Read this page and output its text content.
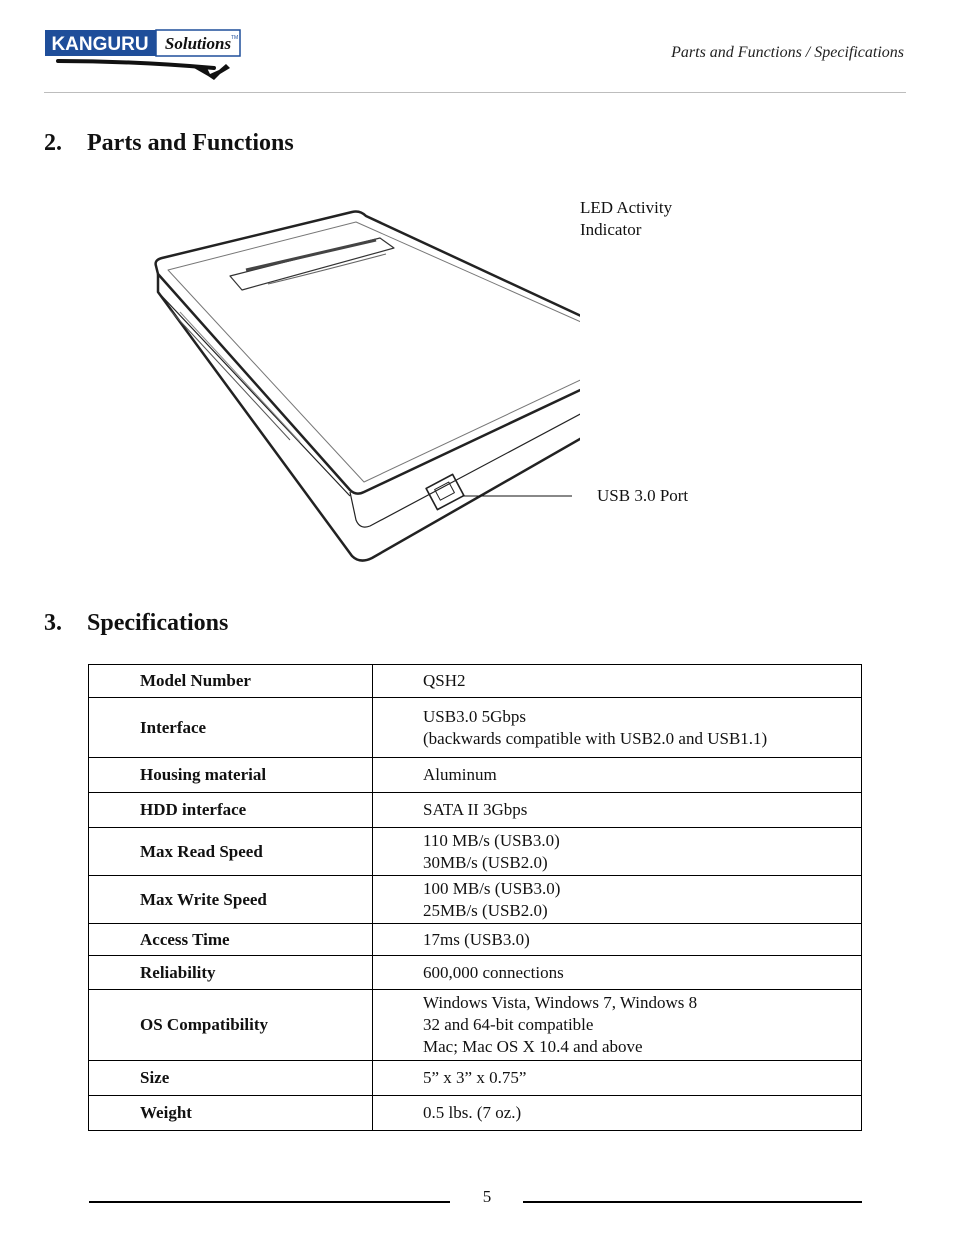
KANGURU Solutions TM
Parts and Functions / Specifications
2. Parts and Functions
LED Activity
Indicator
USB 3.0 Port
3. Specifications
Model Number	QSH2

Interface	USB3.0 5Gbps
(backwards compatible with USB2.0 and USB1.1)

Housing material	Aluminum

HDD interface	SATA II 3Gbps

Max Read Speed	110 MB/s (USB3.0)
30MB/s (USB2.0)

Max Write Speed	100 MB/s (USB3.0)
25MB/s (USB2.0)

Access Time	17ms (USB3.0)

Reliability	600,000 connections

OS Compatibility	Windows Vista, Windows 7, Windows 8
32 and 64-bit compatible
Mac; Mac OS X 10.4 and above

Size	5” x 3” x 0.75”

Weight	0.5 lbs. (7 oz.)
5
